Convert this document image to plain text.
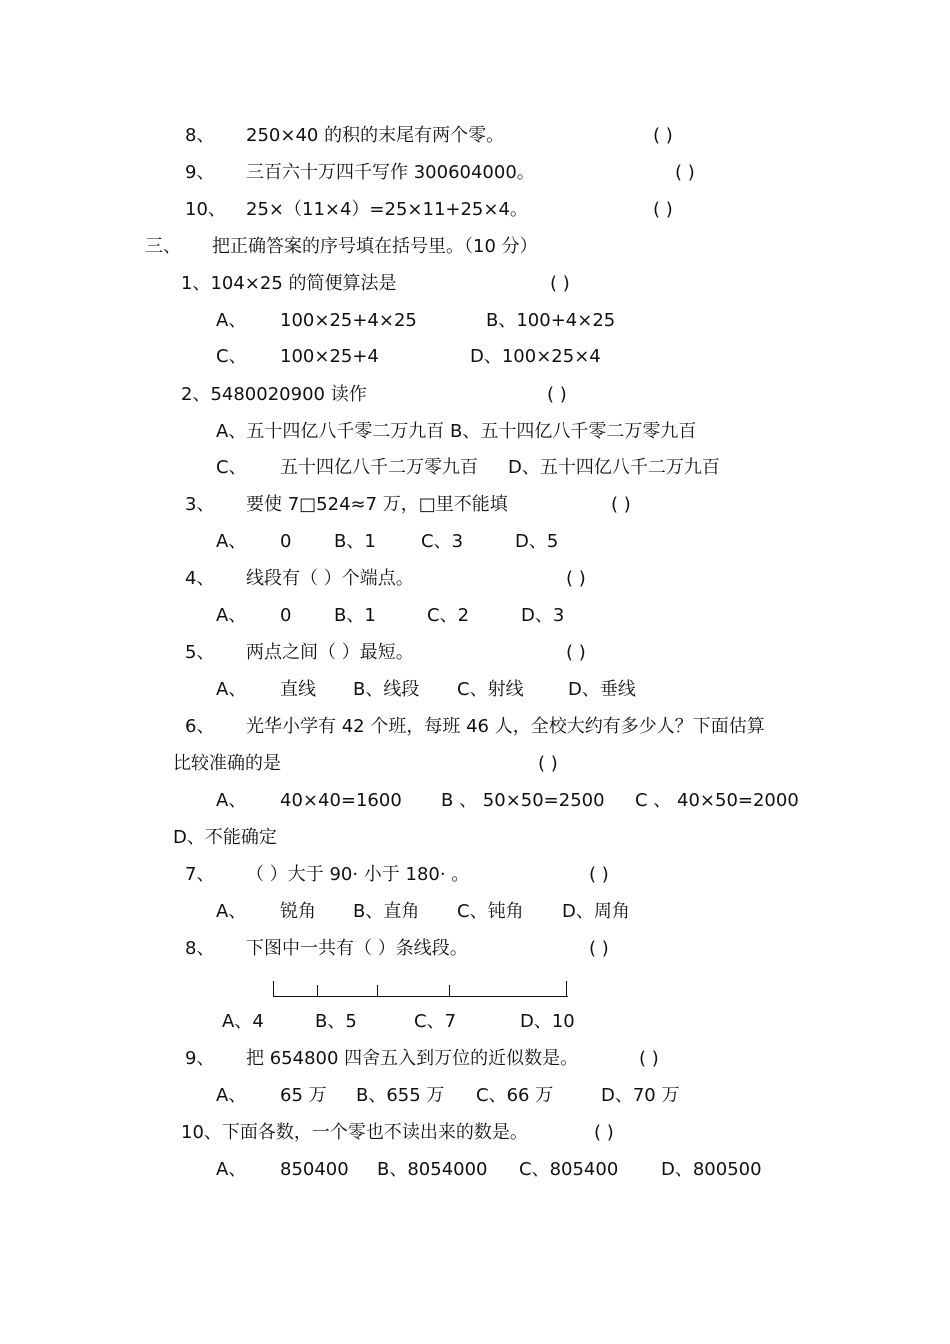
8、 250×40 的积的末尾有两个零。	( )
9、 三百六十万四千写作 300604000。	( )
10、 25×（11×4）=25×11+25×4。	( )
三、 把正确答案的序号填在括号里。（10 分）
1、104×25 的简便算法是	( )
A、 100×25+4×25	B、100+4×25
C、 100×25+4	D、100×25×4
2、5480020900 读作	( )
A、五十四亿八千零二万九百 B、五十四亿八千零二万零九百
C、 五十四亿八千二万零九百 D、五十四亿八千二万九百
3、 要使 7□524≈7 万，□里不能填	( )
A、 0 B、1	C、3	D、5
4、 线段有（ ）个端点。	( )
A、 0 B、1	C、2	D、3
5、 两点之间（ ）最短。	( )
A、 直线 B、线段 C、射线 D、垂线
6、 光华小学有 42 个班，每班 46 人，全校大约有多少人？下面估算
比较准确的是	( )
A、 40×40=1600 B 、 50×50=2500 C 、 40×50=2000
D、不能确定
7、 （ ）大于 90· 小于 180· 。	( )
A、 锐角 B、直角 C、钝角 D、周角
8、 下图中一共有（ ）条线段。	( )
A、4	B、5	C、7	D、10
9、 把 654800 四舍五入到万位的近似数是。	( )
A、 65 万 B、655 万 C、66 万	D、70 万
10、下面各数，一个零也不读出来的数是。	( )
A、 850400 B、8054000 C、805400 D、800500
